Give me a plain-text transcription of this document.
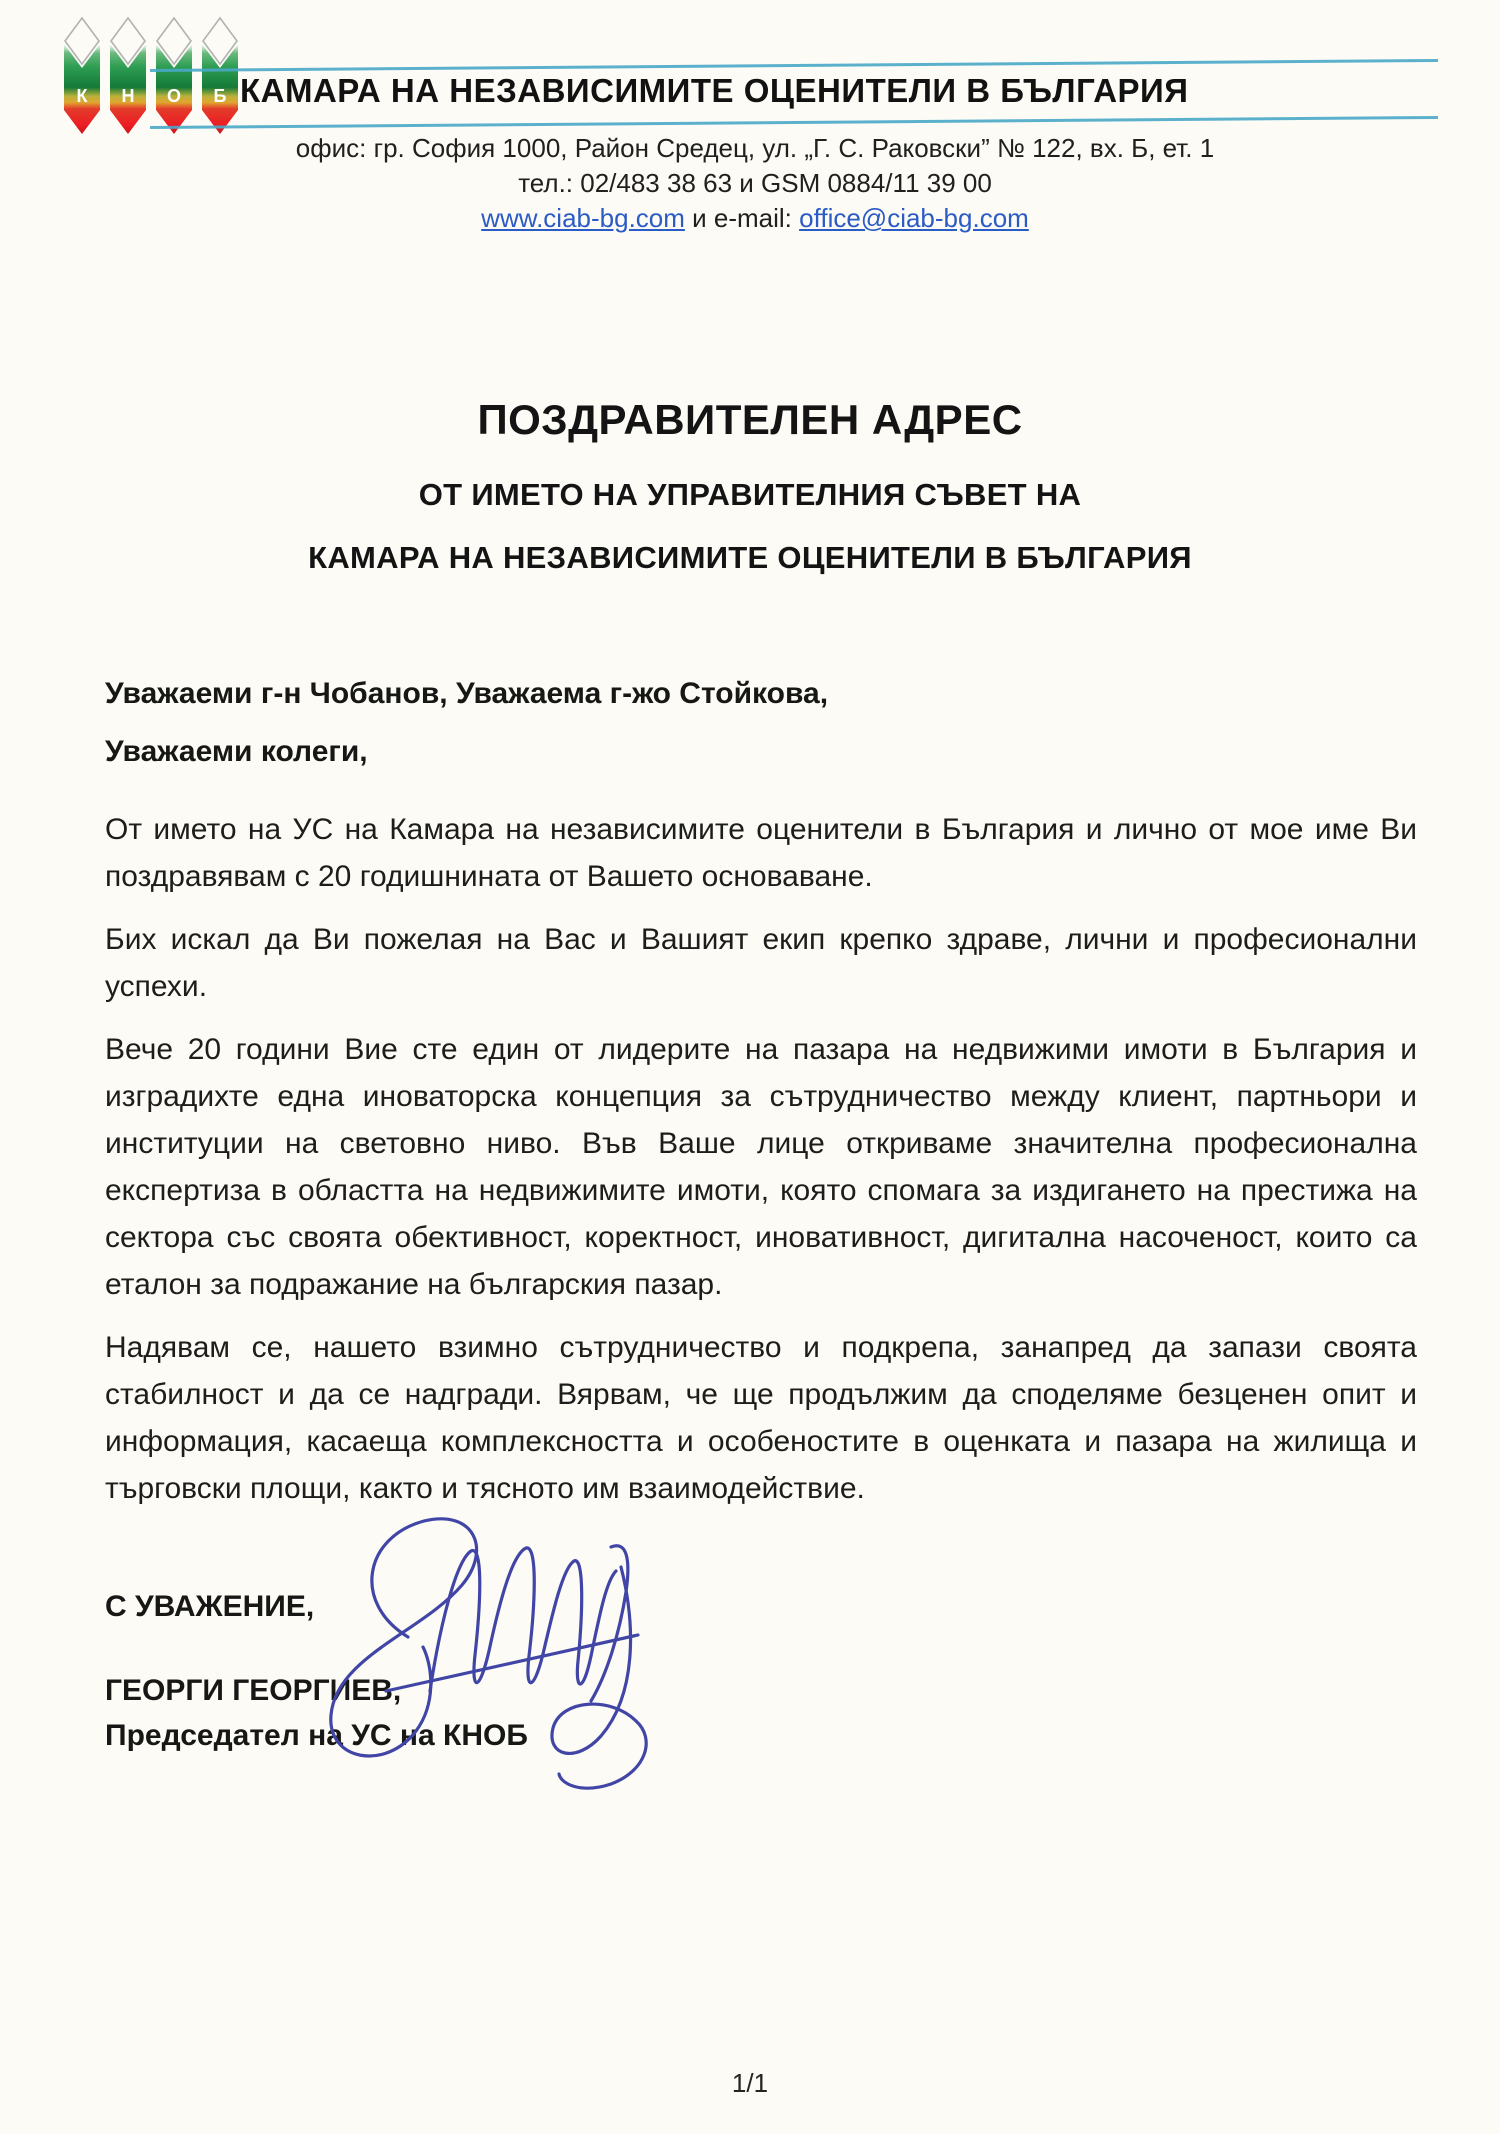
К Н О Б КАМАРА НА НЕЗАВИСИМИТЕ ОЦЕНИТЕЛИ В БЪЛГАРИЯ
офис: гр. София 1000, Район Средец, ул. „Г. С. Раковски” № 122, вх. Б, ет. 1
тел.: 02/483 38 63 и GSM 0884/11 39 00
www.ciab-bg.com и e-mail: office@ciab-bg.com
ПОЗДРАВИТЕЛЕН АДРЕС
ОТ ИМЕТО НА УПРАВИТЕЛНИЯ СЪВЕТ НА
КАМАРА НА НЕЗАВИСИМИТЕ ОЦЕНИТЕЛИ В БЪЛГАРИЯ
Уважаеми г-н Чобанов, Уважаема г-жо Стойкова,
Уважаеми колеги,

От името на УС на Камара на независимите оценители в България и лично от мое име Ви поздравявам с 20 годишнината от Вашето основаване.

Бих искал да Ви пожелая на Вас и Вашият екип крепко здраве, лични и професионални успехи.

Вече 20 години Вие сте един от лидерите на пазара на недвижими имоти в България и изградихте една иноваторска концепция за сътрудничество между клиент, партньори и институции на световно ниво. Във Ваше лице откриваме значителна професионална експертиза в областта на недвижимите имоти, която спомага за издигането на престижа на сектора със своята обективност, коректност, иновативност, дигитална насоченост, които са еталон за подражание на българския пазар.

Надявам се, нашето взимно сътрудничество и подкрепа, занапред да запази своята стабилност и да се надгради. Вярвам, че ще продължим да споделяме безценен опит и информация, касаеща комплексността и особеностите в оценката и пазара на жилища и търговски площи, както и тясното им взаимодействие.

С УВАЖЕНИЕ,
ГЕОРГИ ГЕОРГИЕВ,
Председател на УС на КНОБ
1/1
